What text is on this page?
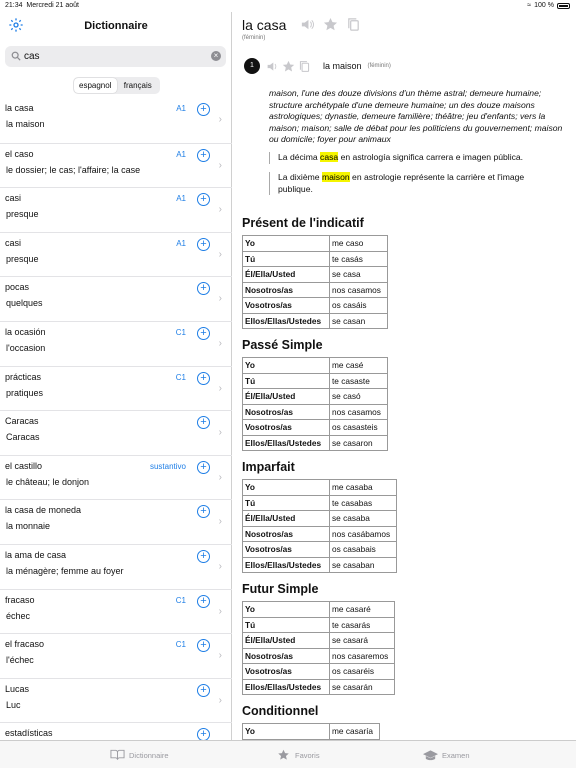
21:34 Mercredi 21 août	≈ 100 %
Dictionnaire
cas	×
espagnol	français
la casa
la maison
A1 +
›
el caso
le dossier; le cas; l'affaire; la case
A1 +
›
casi
presque
A1 +
›
casi
presque
A1 +
›
pocas
quelques
+
›
la ocasión
l'occasion
C1 +
›
prácticas
pratiques
C1 +
›
Caracas
Caracas
+
›
el castillo
le château; le donjon
sustantivo +
›
la casa de moneda
la monnaie
+
›
la ama de casa
la ménagère; femme au foyer
+
›
fracaso
échec
C1 +
›
el fracaso
l'échec
C1 +
›
Lucas
Luc
+
›
estadísticas	+
la casa
(féminin)
1	la maison (féminin)
maison, l'une des douze divisions d'un thème astral; demeure humaine; structure archétypale d'une demeure humaine; un des douze maisons astrologiques; dynastie, demeure familière; théâtre; jeu d'enfants; vers la maison; maison; salle de débat pour les politiciens du gouvernement; maison ou domicile; foyer pour animaux
La décima casa en astrología significa carrera e imagen pública.
La dixième maison en astrologie représente la carrière et l'image publique.
Présent de l'indicatif
Yo	me caso
Tú	te casás
Él/Ella/Usted	se casa
Nosotros/as	nos casamos
Vosotros/as	os casáis
Ellos/Ellas/Ustedes	se casan
Passé Simple
Yo	me casé
Tú	te casaste
Él/Ella/Usted	se casó
Nosotros/as	nos casamos
Vosotros/as	os casasteis
Ellos/Ellas/Ustedes	se casaron
Imparfait
Yo	me casaba
Tú	te casabas
Él/Ella/Usted	se casaba
Nosotros/as	nos casábamos
Vosotros/as	os casabais
Ellos/Ellas/Ustedes	se casaban
Futur Simple
Yo	me casaré
Tú	te casarás
Él/Ella/Usted	se casará
Nosotros/as	nos casaremos
Vosotros/as	os casaréis
Ellos/Ellas/Ustedes	se casarán
Conditionnel
Yo	me casaría
Dictionnaire	Favoris	Examen
